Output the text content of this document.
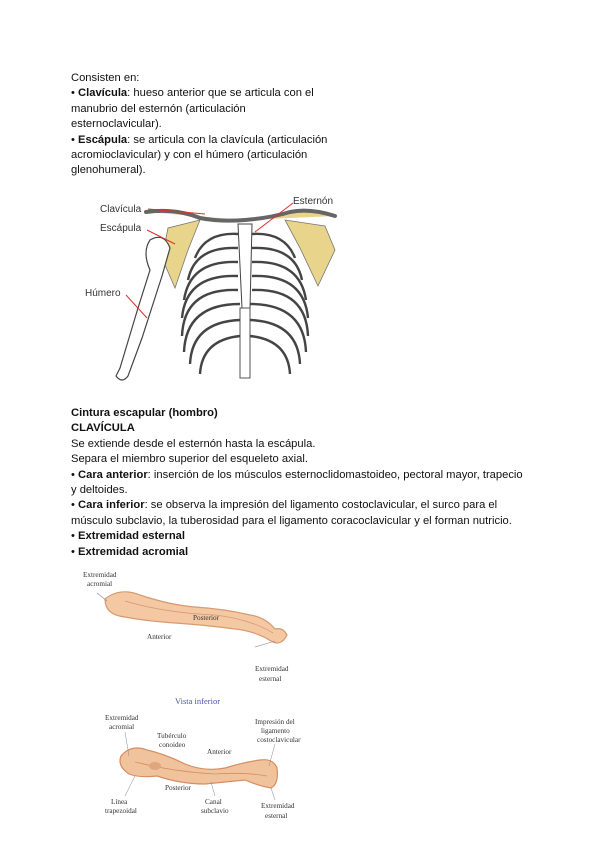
Consisten en:
• Clavícula: hueso anterior que se articula con el
manubrio del esternón (articulación
esternoclavicular).
• Escápula: se articula con la clavícula (articulación
acromioclavicular) y con el húmero (articulación
glenohumeral).
Clavícula
Escápula
Húmero
Esternón
Cintura escapular (hombro)
CLAVÍCULA
Se extiende desde el esternón hasta la escápula.
Separa el miembro superior del esqueleto axial.
• Cara anterior: inserción de los músculos esternoclidomastoideo, pectoral mayor, trapecio
y deltoides.
• Cara inferior: se observa la impresión del ligamento costoclavicular, el surco para el
músculo subclavio, la tuberosidad para el ligamento coracoclavicular y el forman nutricio.
• Extremidad esternal
• Extremidad acromial
Extremidad
acromial
Posterior
Anterior
Extremidad
esternal
Vista inferior
Extremidad
acromial
Tubérculo
conoideo
Anterior
Impresión del
ligamento
costoclavicular
Línea
trapezoidal
Posterior
Canal
subclavio
Extremidad
esternal
